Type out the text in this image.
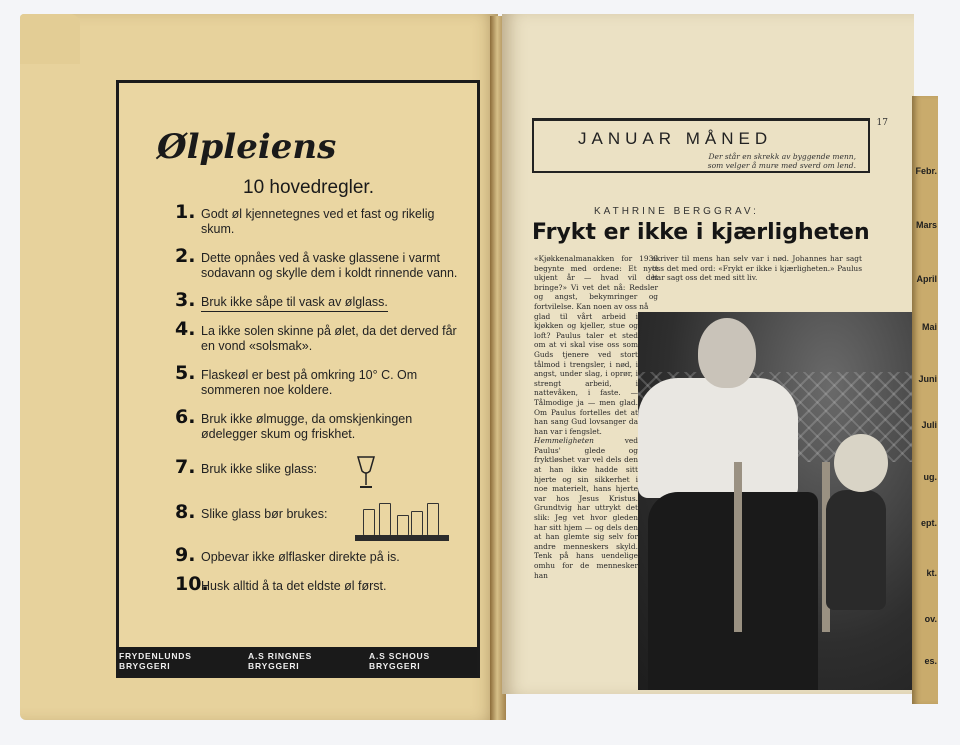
Ølpleiens
10 hovedregler.
1. Godt øl kjennetegnes ved et fast og rikelig skum.
2. Dette opnåes ved å vaske glassene i varmt sodavann og skylle dem i koldt rinnende vann.
3. Bruk ikke såpe til vask av ølglass.
4. La ikke solen skinne på ølet, da det derved får en vond «solsmak».
5. Flaskeøl er best på omkring 10° C. Om sommeren noe koldere.
6. Bruk ikke ølmugge, da omskjenkingen ødelegger skum og friskhet.
7. Bruk ikke slike glass:
8. Slike glass bør brukes:
9. Opbevar ikke ølflasker direkte på is.
10.
Husk alltid å ta det eldste øl først.
FRYDENLUNDS BRYGGERI
A.S RINGNES BRYGGERI
A.S SCHOUS BRYGGERI
17
JANUAR MÅNED
Der står en skrekk av byggende menn,
som velger å mure med sverd om lend.
KATHRINE BERGGRAV:
Frykt er ikke i kjærligheten
«Kjøkkenalmanakken for 1939 begynte med ordene: Et nytt ukjent år — hvad vil det bringe?» Vi vet det nå: Redsler og angst, bekymringer og fortvilelse. Kan noen av oss nå
glad til vårt arbeid i kjøkken og kjeller, stue og loft? Paulus taler et sted om at vi skal vise oss som Guds tjenere ved stort tålmod i trengsler, i nød, i angst, under slag, i oprør, i strengt arbeid, i nattevåken, i faste. — Tålmodige ja — men glad. Om Paulus fortelles det at han sang Gud lovsanger da han var i fengslet.
Hemmeligheten	ved Paulus' glede og fryktløshet var vel dels den at han ikke hadde sitt hjerte og sin sikkerhet i noe materielt, hans hjerte var hos Jesus Kristus. Grundtvig har uttrykt det slik: Jeg vet hvor gleden har sitt hjem — og dels den at han glemte sig selv for andre menneskers skyld. Tenk på hans uendelige omhu for de mennesker han
skriver til mens han selv var i nød. Johannes har sagt oss det med ord: «Frykt er ikke i kjærligheten.» Paulus har sagt oss det med sitt liv.
Febr.
Mars
April
Mai
Juni
Juli
ug.
ept.
kt.
ov.
es.
